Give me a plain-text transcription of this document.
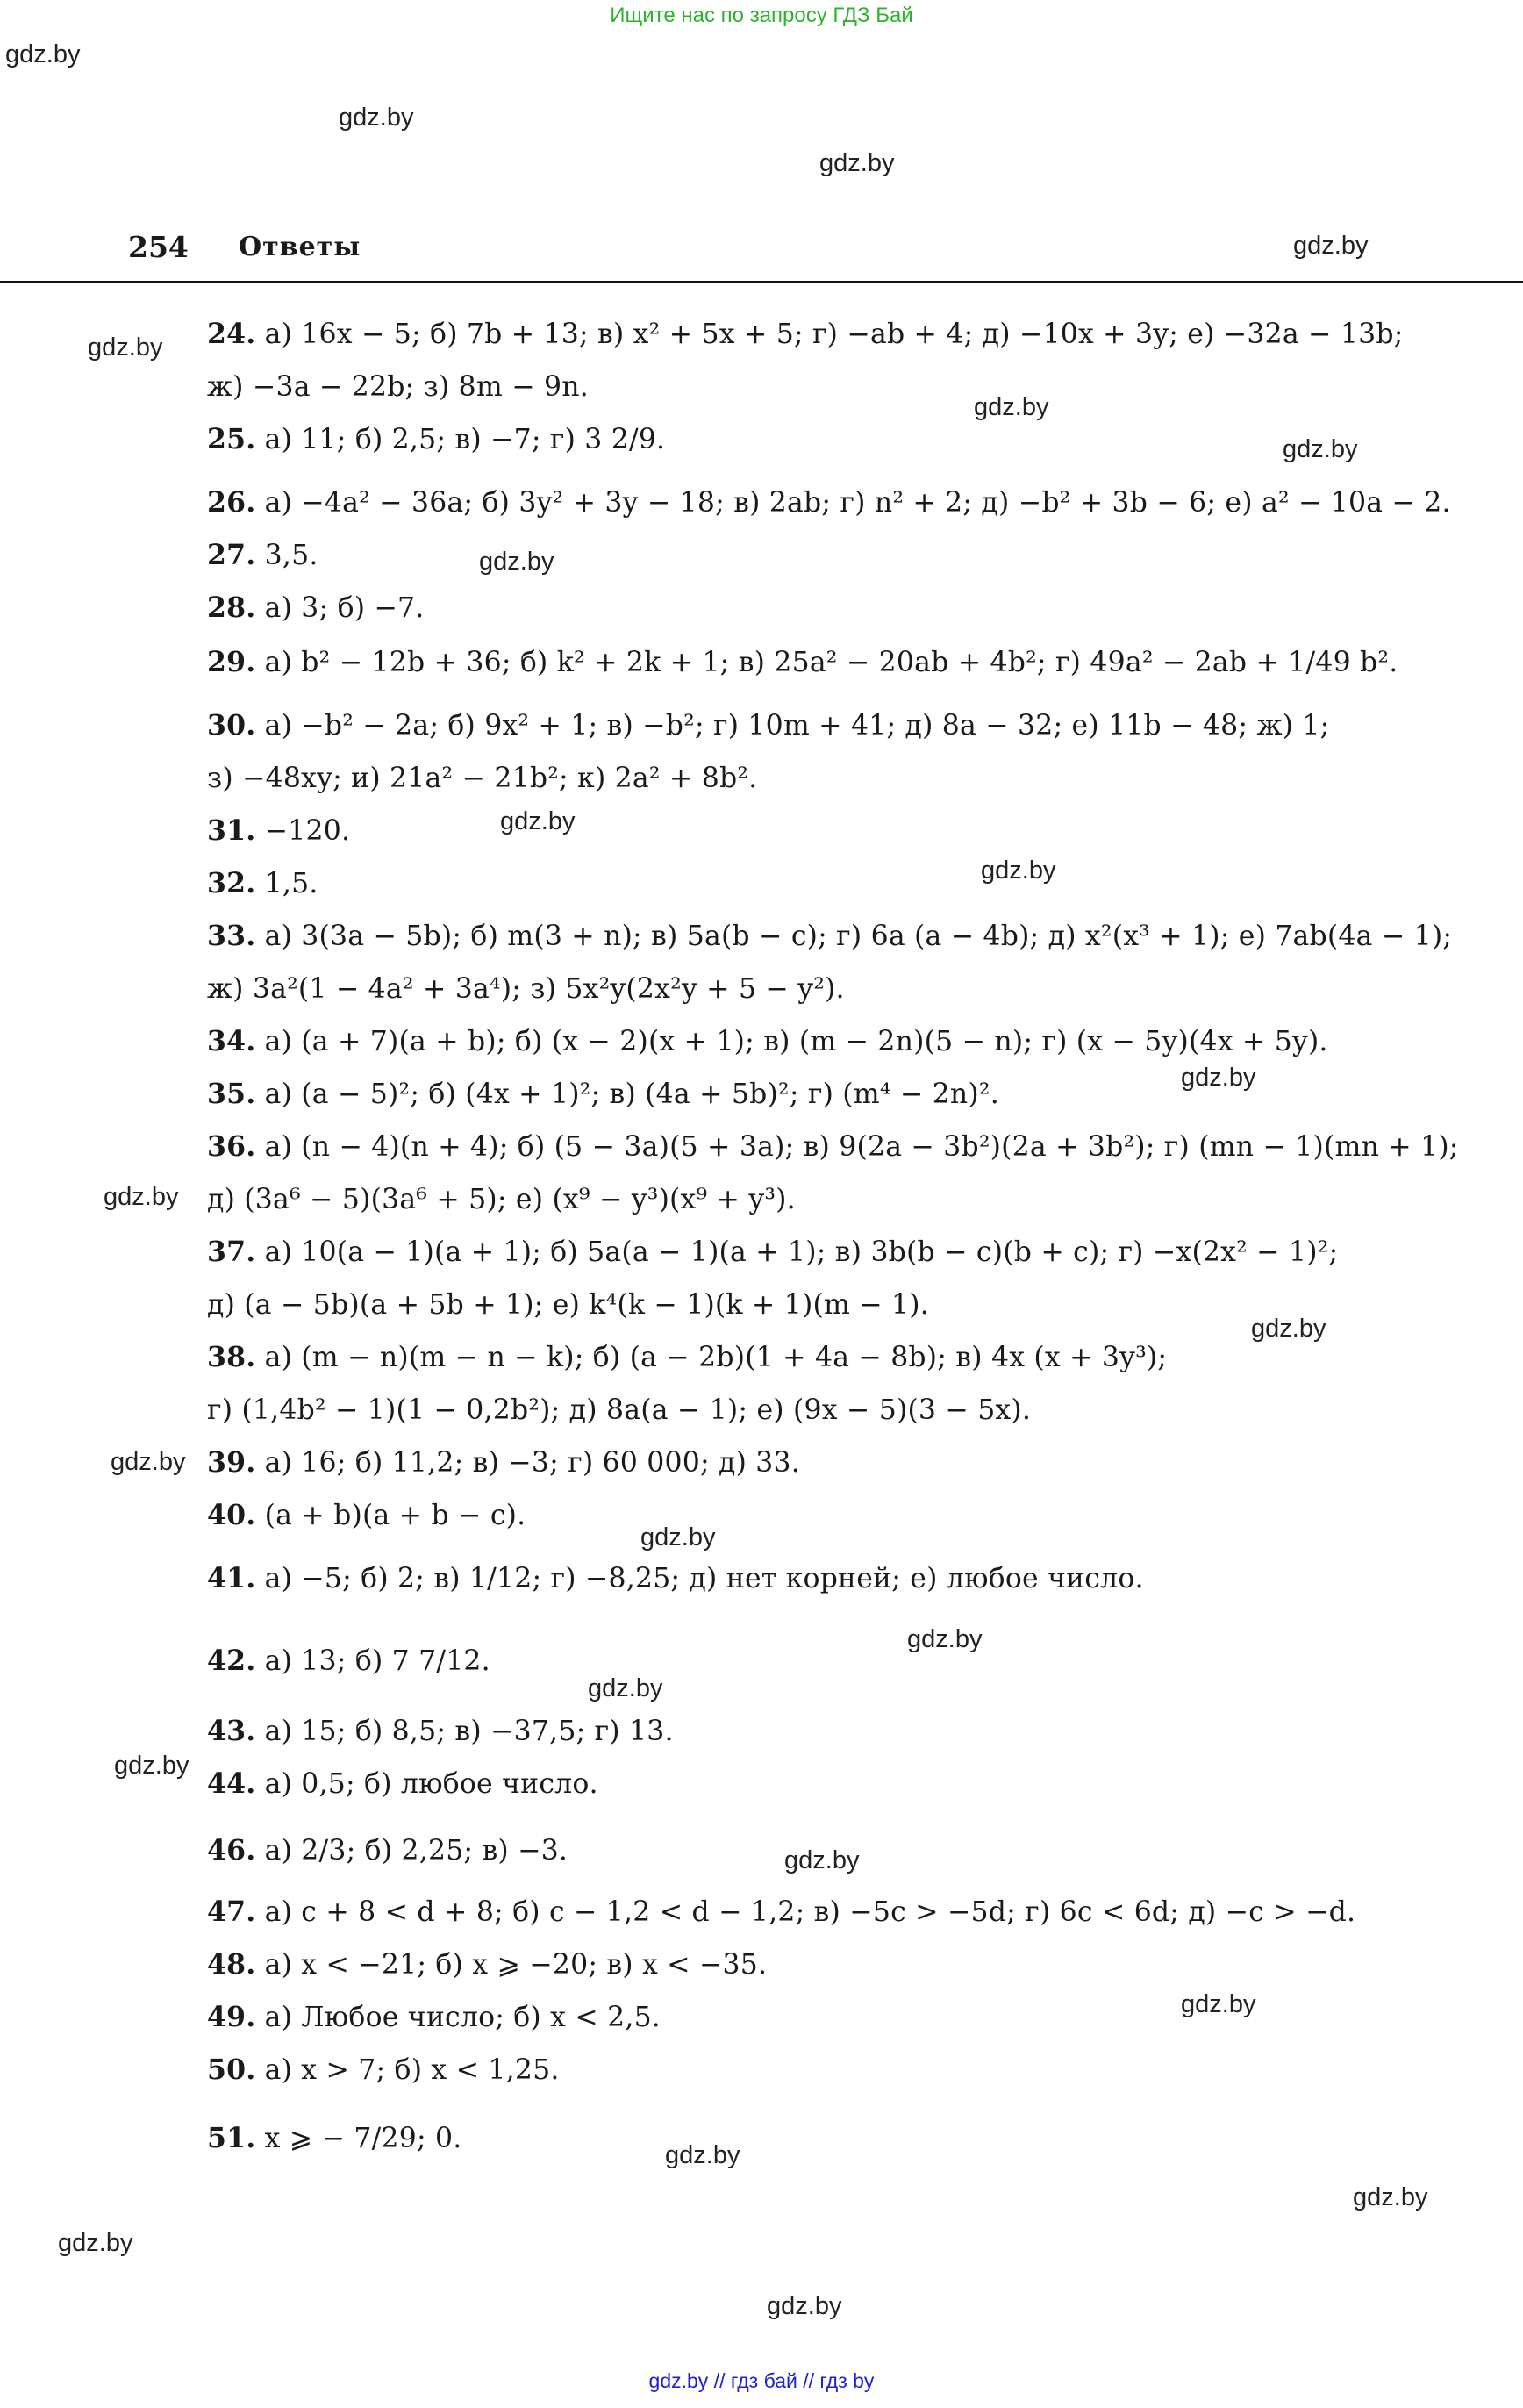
Ищите нас по запросу ГДЗ Бай
gdz.by
gdz.by
gdz.by
gdz.by
gdz.by
gdz.by
gdz.by
gdz.by
gdz.by
gdz.by
gdz.by
gdz.by
gdz.by
gdz.by
gdz.by
gdz.by
gdz.by
gdz.by
gdz.by
gdz.by
gdz.by
gdz.by
gdz.by
gdz.by
254 Ответы
24. а) 16x − 5; б) 7b + 13; в) x² + 5x + 5; г) −ab + 4; д) −10x + 3y; е) −32a − 13b;
ж) −3a − 22b; з) 8m − 9n.
25. а) 11; б) 2,5; в) −7; г) 3 2/9.
26. а) −4a² − 36a; б) 3y² + 3y − 18; в) 2ab; г) n² + 2; д) −b² + 3b − 6; е) a² − 10a − 2.
27. 3,5.
28. а) 3; б) −7.
29. а) b² − 12b + 36; б) k² + 2k + 1; в) 25a² − 20ab + 4b²; г) 49a² − 2ab + 1/49 b².
30. а) −b² − 2a; б) 9x² + 1; в) −b²; г) 10m + 41; д) 8a − 32; е) 11b − 48; ж) 1;
з) −48xy; и) 21a² − 21b²; к) 2a² + 8b².
31. −120.
32. 1,5.
33. а) 3(3a − 5b); б) m(3 + n); в) 5a(b − c); г) 6a (a − 4b); д) x²(x³ + 1); е) 7ab(4a − 1);
ж) 3a²(1 − 4a² + 3a⁴); з) 5x²y(2x²y + 5 − y²).
34. а) (a + 7)(a + b); б) (x − 2)(x + 1); в) (m − 2n)(5 − n); г) (x − 5y)(4x + 5y).
35. а) (a − 5)²; б) (4x + 1)²; в) (4a + 5b)²; г) (m⁴ − 2n)².
36. а) (n − 4)(n + 4); б) (5 − 3a)(5 + 3a); в) 9(2a − 3b²)(2a + 3b²); г) (mn − 1)(mn + 1);
д) (3a⁶ − 5)(3a⁶ + 5); е) (x⁹ − y³)(x⁹ + y³).
37. а) 10(a − 1)(a + 1); б) 5a(a − 1)(a + 1); в) 3b(b − c)(b + c); г) −x(2x² − 1)²;
д) (a − 5b)(a + 5b + 1); е) k⁴(k − 1)(k + 1)(m − 1).
38. а) (m − n)(m − n − k); б) (a − 2b)(1 + 4a − 8b); в) 4x (x + 3y³);
г) (1,4b² − 1)(1 − 0,2b²); д) 8a(a − 1); е) (9x − 5)(3 − 5x).
39. а) 16; б) 11,2; в) −3; г) 60 000; д) 33.
40. (a + b)(a + b − c).
41. а) −5; б) 2; в) 1/12; г) −8,25; д) нет корней; е) любое число.
42. а) 13; б) 7 7/12.
43. а) 15; б) 8,5; в) −37,5; г) 13.
44. а) 0,5; б) любое число.
46. а) 2/3; б) 2,25; в) −3.
47. а) c + 8 < d + 8; б) c − 1,2 < d − 1,2; в) −5c > −5d; г) 6c < 6d; д) −c > −d.
48. а) x < −21; б) x ⩾ −20; в) x < −35.
49. а) Любое число; б) x < 2,5.
50. а) x > 7; б) x < 1,25.
51. x ⩾ − 7/29; 0.
gdz.by // гдз бай // гдз by
